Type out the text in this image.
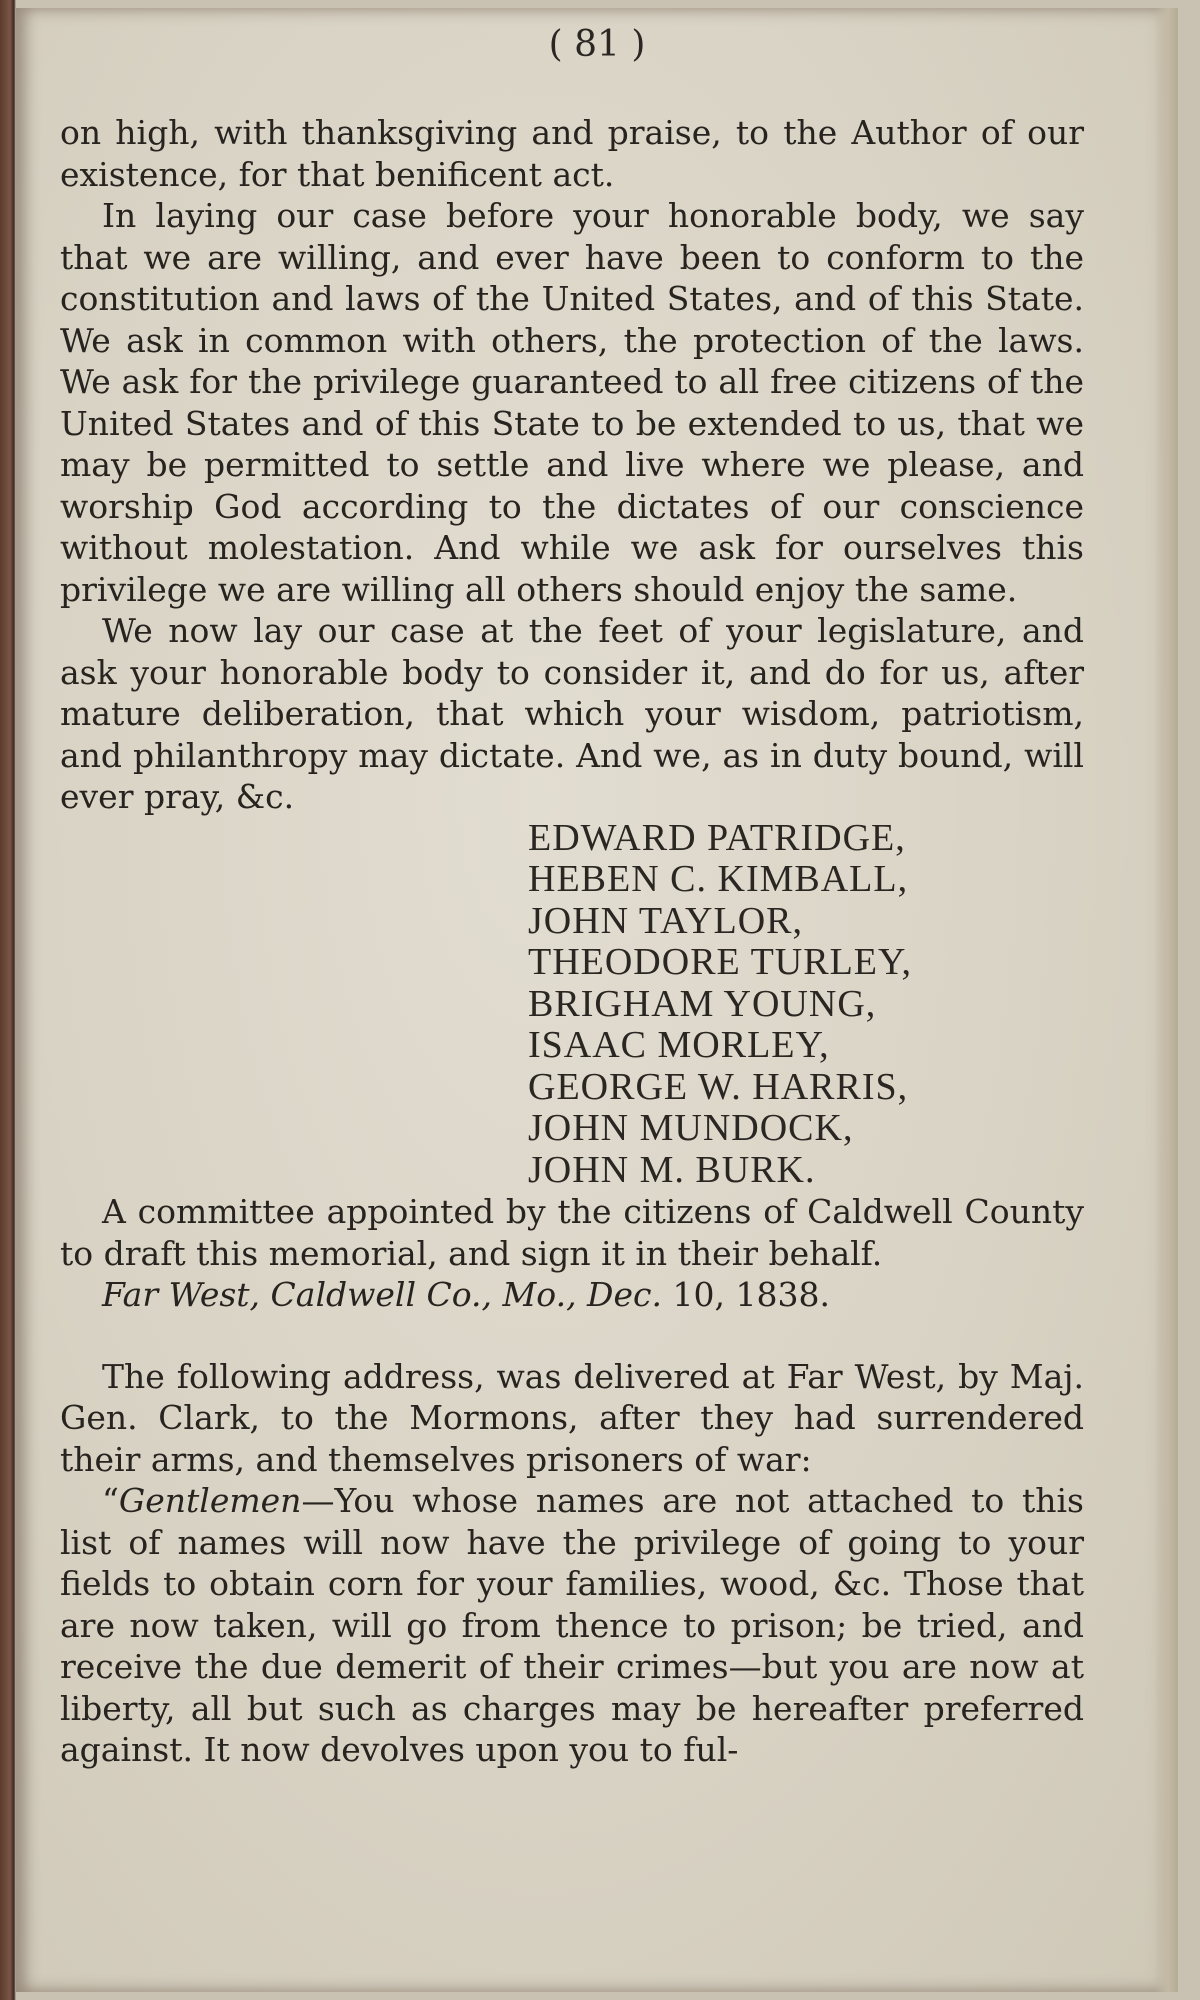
( 81 )

on high, with thanksgiving and praise, to the Author of our existence, for that benificent act.

In laying our case before your honorable body, we say that we are willing, and ever have been to conform to the constitution and laws of the United States, and of this State. We ask in common with others, the protection of the laws. We ask for the privilege guaranteed to all free citizens of the United States and of this State to be extended to us, that we may be permitted to settle and live where we please, and worship God according to the dictates of our conscience without molestation. And while we ask for ourselves this privilege we are willing all others should enjoy the same.

We now lay our case at the feet of your legislature, and ask your honorable body to consider it, and do for us, after mature deliberation, that which your wisdom, patriotism, and philanthropy may dictate. And we, as in duty bound, will ever pray, &c.

EDWARD PATRIDGE,
HEBEN C. KIMBALL,
JOHN TAYLOR,
THEODORE TURLEY,
BRIGHAM YOUNG,
ISAAC MORLEY,
GEORGE W. HARRIS,
JOHN MUNDOCK,
JOHN M. BURK.

A committee appointed by the citizens of Caldwell County to draft this memorial, and sign it in their behalf.

Far West, Caldwell Co., Mo., Dec. 10, 1838.

The following address, was delivered at Far West, by Maj. Gen. Clark, to the Mormons, after they had surrendered their arms, and themselves prisoners of war:

“Gentlemen—You whose names are not attached to this list of names will now have the privilege of going to your fields to obtain corn for your families, wood, &c. Those that are now taken, will go from thence to prison; be tried, and receive the due demerit of their crimes—but you are now at liberty, all but such as charges may be hereafter preferred against. It now devolves upon you to ful-
